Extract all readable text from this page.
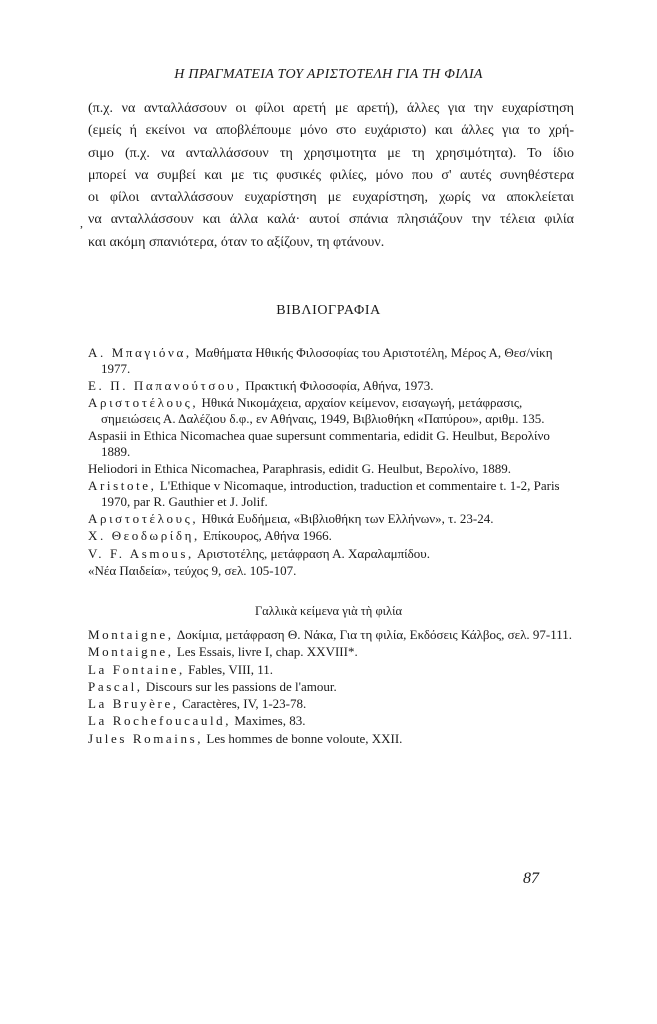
Η ΠΡΑΓΜΑΤΕΙΑ ΤΟΥ ΑΡΙΣΤΟΤΕΛΗ ΓΙΑ ΤΗ ΦΙΛΙΑ
,
(π.χ. να ανταλλάσσουν οι φίλοι αρετή με αρετή), άλλες για την ευχαρίστηση
(εμείς ή εκείνοι να αποβλέπουμε μόνο στο ευχάριστο) και άλλες για το χρή-
σιμο (π.χ. να ανταλλάσσουν τη χρησιμοτητα με τη χρησιμότητα). Το ίδιο
μπορεί να συμβεί και με τις φυσικές φιλίες, μόνο που σ' αυτές συνηθέστερα
οι φίλοι ανταλλάσσουν ευχαρίστηση με ευχαρίστηση, χωρίς να αποκλείεται
να ανταλλάσσουν και άλλα καλά· αυτοί σπάνια πλησιάζουν την τέλεια φιλία
και ακόμη σπανιότερα, όταν το αξίζουν, τη φτάνουν.
ΒΙΒΛΙΟΓΡΑΦΙΑ
Α. Μπαγιόνα, Μαθήματα Ηθικής Φιλοσοφίας του Αριστοτέλη, Μέρος Α, Θεσ/νίκη 1977.
Ε. Π. Παπανούτσου, Πρακτική Φιλοσοφία, Αθήνα, 1973.
Αριστοτέλους, Ηθικά Νικομάχεια, αρχαίον κείμενον, εισαγωγή, μετάφρασις, σημειώσεις Α. Δαλέζιου δ.φ., εν Αθήναις, 1949, Βιβλιοθήκη «Παπύρου», αριθμ. 135.
Aspasii in Ethica Nicomachea quae supersunt commentaria, edidit G. Heulbut, Βερολίνο 1889.
Heliodori in Ethica Nicomachea, Paraphrasis, edidit G. Heulbut, Βερολίνο, 1889.
Aristote, L'Ethique v Nicomaque, introduction, traduction et commentaire t. 1-2, Paris 1970, par R. Gauthier et J. Jolif.
Αριστοτέλους, Ηθικά Ευδήμεια, «Βιβλιοθήκη των Ελλήνων», τ. 23-24.
Χ. Θεοδωρίδη, Επίκουρος, Αθήνα 1966.
V. F. Asmous, Αριστοτέλης, μετάφραση Α. Χαραλαμπίδου.
«Νέα Παιδεία», τεύχος 9, σελ. 105-107.
Γαλλικὰ κείμενα γιὰ τὴ φιλία
Montaigne, Δοκίμια, μετάφραση Θ. Νάκα, Για τη φιλία, Εκδόσεις Κάλβος, σελ. 97-111.
Montaigne, Les Essais, livre I, chap. XXVIII*.
La Fontaine, Fables, VIII, 11.
Pascal, Discours sur les passions de l'amour.
La Bruyère, Caractères, IV, 1-23-78.
La Rochefoucauld, Maximes, 83.
Jules Romains, Les hommes de bonne voloute, XXII.
87
